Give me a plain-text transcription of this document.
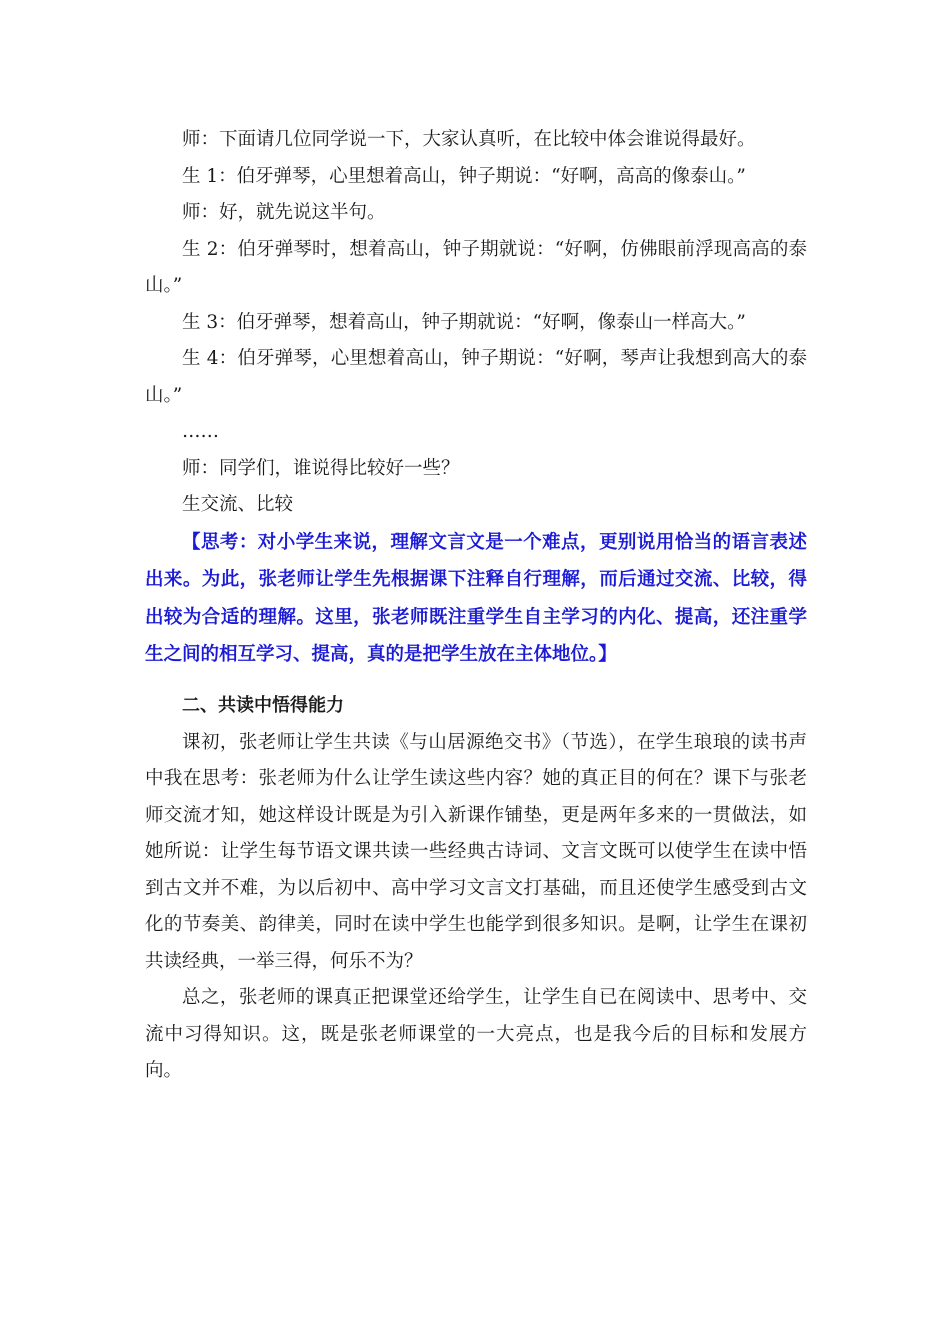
师：下面请几位同学说一下，大家认真听，在比较中体会谁说得最好。

生 1：伯牙弹琴，心里想着高山，钟子期说：“好啊，高高的像泰山。”

师：好，就先说这半句。

生 2：伯牙弹琴时，想着高山，钟子期就说：“好啊，仿佛眼前浮现高高的泰山。”

生 3：伯牙弹琴，想着高山，钟子期就说：“好啊，像泰山一样高大。”

生 4：伯牙弹琴，心里想着高山，钟子期说：“好啊，琴声让我想到高大的泰山。”

……

师：同学们，谁说得比较好一些？

生交流、比较

【思考：对小学生来说，理解文言文是一个难点，更别说用恰当的语言表述出来。为此，张老师让学生先根据课下注释自行理解，而后通过交流、比较，得出较为合适的理解。这里，张老师既注重学生自主学习的内化、提高，还注重学生之间的相互学习、提高，真的是把学生放在主体地位。】

二、共读中悟得能力

课初，张老师让学生共读《与山居源绝交书》（节选），在学生琅琅的读书声中我在思考：张老师为什么让学生读这些内容？她的真正目的何在？课下与张老师交流才知，她这样设计既是为引入新课作铺垫，更是两年多来的一贯做法，如她所说：让学生每节语文课共读一些经典古诗词、文言文既可以使学生在读中悟到古文并不难，为以后初中、高中学习文言文打基础，而且还使学生感受到古文化的节奏美、韵律美，同时在读中学生也能学到很多知识。是啊，让学生在课初共读经典，一举三得，何乐不为？

总之，张老师的课真正把课堂还给学生，让学生自已在阅读中、思考中、交流中习得知识。这，既是张老师课堂的一大亮点，也是我今后的目标和发展方向。
